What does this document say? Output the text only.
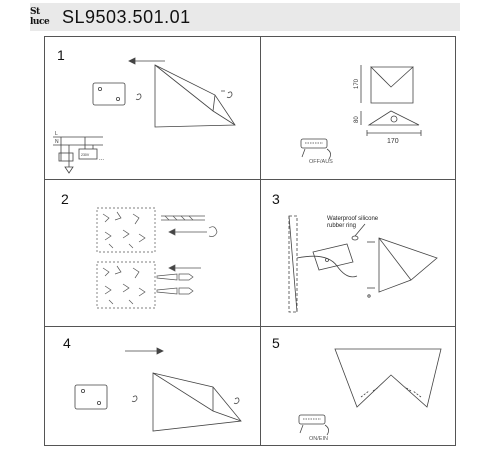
St
luce SL9503.501.01
1
2	3
4	5
L
N
230V
...
170
80
170
OFF/AUS
Waterproof silicone
rubber ring
ON/EIN
